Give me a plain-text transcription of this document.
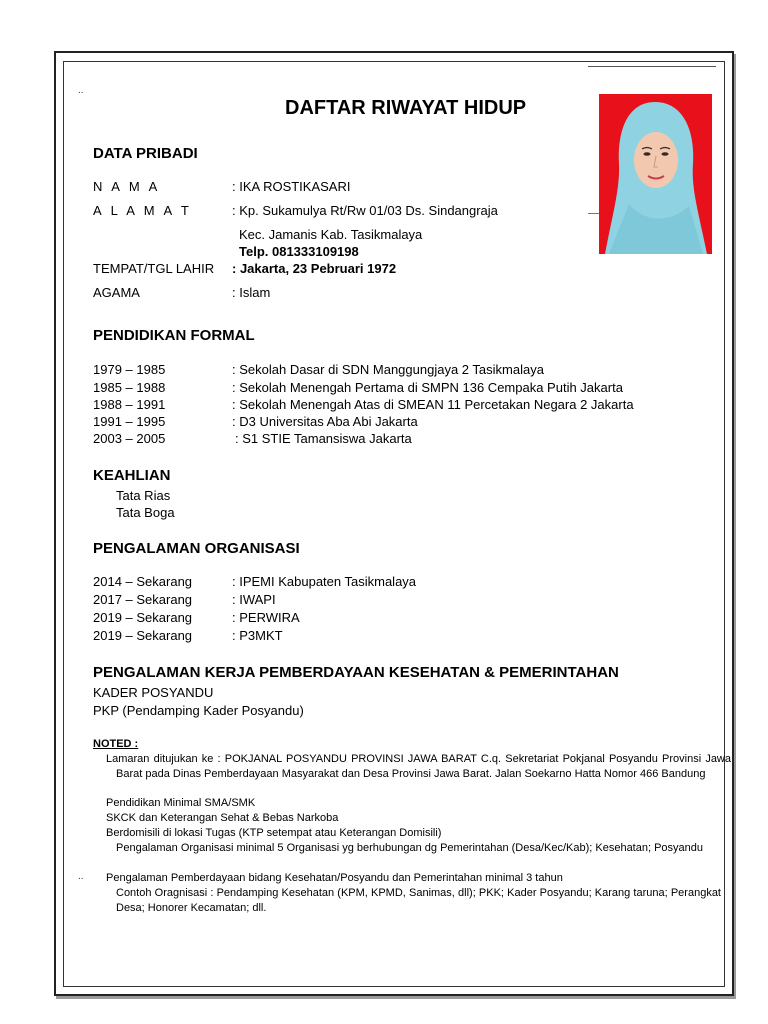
..
..
DAFTAR RIWAYAT HIDUP
DATA PRIBADI
N A M A	: IKA ROSTIKASARI
A L A M A T	: Kp. Sukamulya Rt/Rw 01/03 Ds. Sindangraja
Kec. Jamanis Kab. Tasikmalaya
Telp. 081333109198
TEMPAT/TGL LAHIR : Jakarta, 23 Pebruari 1972
AGAMA	: Islam
PENDIDIKAN FORMAL
1979 – 1985	: Sekolah Dasar di SDN Manggungjaya 2 Tasikmalaya
1985 – 1988	: Sekolah Menengah Pertama di SMPN 136 Cempaka Putih Jakarta
1988 – 1991	: Sekolah Menengah Atas di SMEAN 11 Percetakan Negara 2 Jakarta
1991 – 1995	: D3 Universitas Aba Abi Jakarta
2003 – 2005	: S1 STIE Tamansiswa Jakarta
KEAHLIAN
Tata Rias
Tata Boga
PENGALAMAN ORGANISASI
2014 – Sekarang	: IPEMI Kabupaten Tasikmalaya
2017 – Sekarang	: IWAPI
2019 – Sekarang	: PERWIRA
2019 – Sekarang	: P3MKT
PENGALAMAN KERJA PEMBERDAYAAN KESEHATAN & PEMERINTAHAN
KADER POSYANDU
PKP (Pendamping Kader Posyandu)
NOTED :
Lamaran ditujukan ke : POKJANAL POSYANDU PROVINSI JAWA BARAT C.q. Sekretariat Pokjanal Posyandu Provinsi Jawa Barat pada Dinas Pemberdayaan Masyarakat dan Desa Provinsi Jawa Barat. Jalan Soekarno Hatta Nomor 466 Bandung
Pendidikan Minimal SMA/SMK
SKCK dan Keterangan Sehat & Bebas Narkoba
Berdomisili di lokasi Tugas (KTP setempat atau Keterangan Domisili)
Pengalaman Organisasi minimal 5 Organisasi yg berhubungan dg Pemerintahan (Desa/Kec/Kab); Kesehatan; Posyandu
Pengalaman Pemberdayaan bidang Kesehatan/Posyandu dan Pemerintahan minimal 3 tahun
Contoh Oragnisasi : Pendamping Kesehatan (KPM, KPMD, Sanimas, dll); PKK; Kader Posyandu; Karang taruna; Perangkat Desa; Honorer Kecamatan; dll.
